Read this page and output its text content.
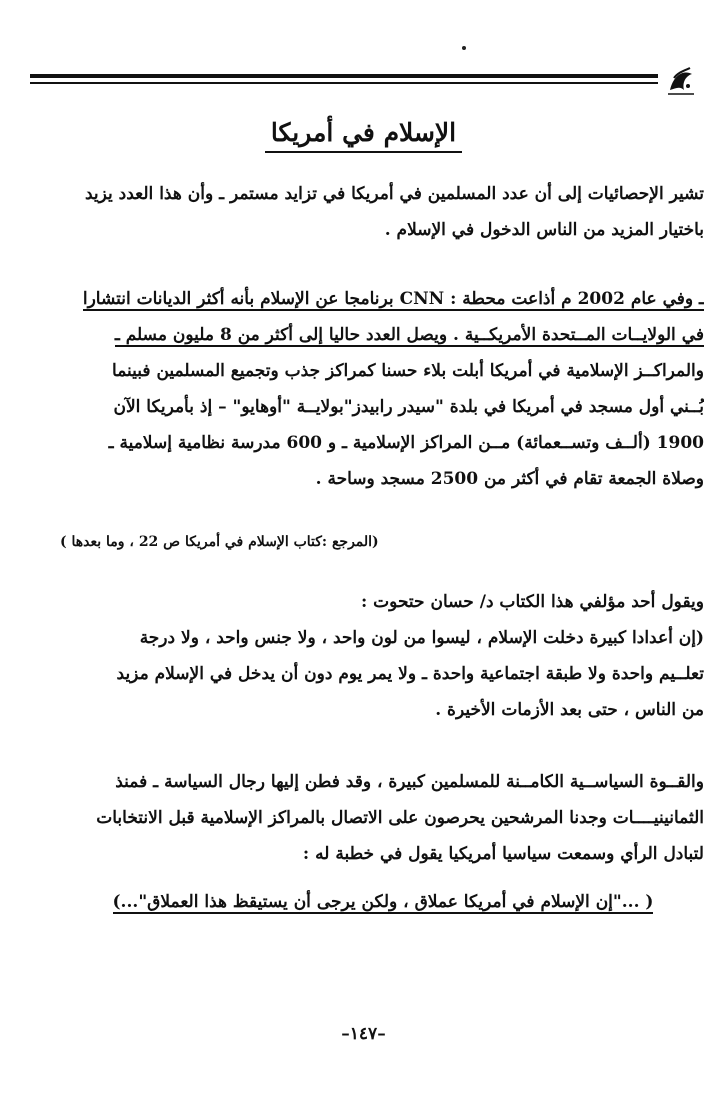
الإسلام في أمريكا
تشير الإحصائيات إلى أن عدد المسلمين في أمريكا في تزايد مستمر ـ وأن هذا العدد يزيد
باختيار المزيد من الناس الدخول في الإسلام .
ـ وفي عام 2002 م أذاعت محطة : CNN برنامجا عن الإسلام بأنه أكثر الديانات انتشارا
في الولايــات المــتحدة الأمريكــية . ويصل العدد حاليا إلى أكثر من 8 مليون مسلم ـ
والمراكــز الإسلامية في أمريكا أبلت بلاء حسنا كمراكز جذب وتجميع المسلمين فبينما
بُــني أول مسجد في أمريكا في بلدة "سيدر رابيدز"بولايــة "أوهايو" – إذ بأمريكا الآن
1900 (ألــف وتســعمائة) مــن المراكز الإسلامية ـ و 600 مدرسة نظامية إسلامية ـ
وصلاة الجمعة تقام في أكثر من 2500 مسجد وساحة .
(المرجع :كتاب الإسلام في أمريكا ص 22 ، وما بعدها )
ويقول أحد مؤلفي هذا الكتاب د/ حسان حتحوت :
(إن أعدادا كبيرة دخلت الإسلام ، ليسوا من لون واحد ، ولا جنس واحد ، ولا درجة
تعلــيم واحدة ولا طبقة اجتماعية واحدة ـ ولا يمر يوم دون أن يدخل في الإسلام مزيد
من الناس ، حتى بعد الأزمات الأخيرة .
والقــوة السياســية الكامــنة للمسلمين كبيرة ، وقد فطن إليها رجال السياسة ـ فمنذ
الثمانينيــــات وجدنا المرشحين يحرصون على الاتصال بالمراكز الإسلامية قبل الانتخابات
لتبادل الرأي وسمعت سياسيا أمريكيا يقول في خطبة له :
( ..."إن الإسلام في أمريكا عملاق ، ولكن يرجى أن يستيقظ هذا العملاق"...)
–١٤٧–
